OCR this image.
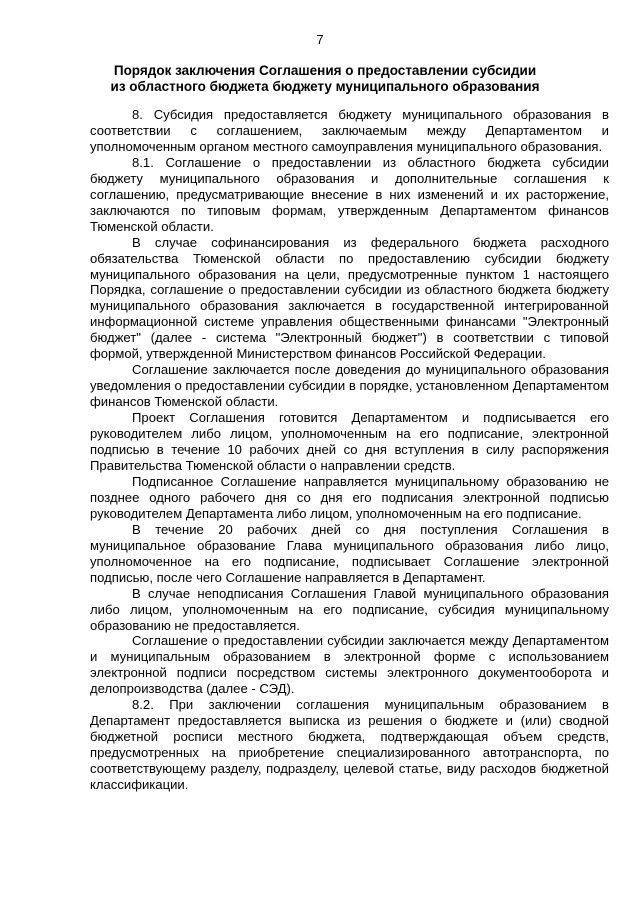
7
Порядок заключения Соглашения о предоставлении субсидии
из областного бюджета бюджету муниципального образования

8. Субсидия предоставляется бюджету муниципального образования в соответствии с соглашением, заключаемым между Департаментом и уполномоченным органом местного самоуправления муниципального образования.

8.1. Соглашение о предоставлении из областного бюджета субсидии бюджету муниципального образования и дополнительные соглашения к соглашению, предусматривающие внесение в них изменений и их расторжение, заключаются по типовым формам, утвержденным Департаментом финансов Тюменской области.

В случае софинансирования из федерального бюджета расходного обязательства Тюменской области по предоставлению субсидии бюджету муниципального образования на цели, предусмотренные пунктом 1 настоящего Порядка, соглашение о предоставлении субсидии из областного бюджета бюджету муниципального образования заключается в государственной интегрированной информационной системе управления общественными финансами "Электронный бюджет" (далее - система "Электронный бюджет") в соответствии с типовой формой, утвержденной Министерством финансов Российской Федерации.

Соглашение заключается после доведения до муниципального образования уведомления о предоставлении субсидии в порядке, установленном Департаментом финансов Тюменской области.

Проект Соглашения готовится Департаментом и подписывается его руководителем либо лицом, уполномоченным на его подписание, электронной подписью в течение 10 рабочих дней со дня вступления в силу распоряжения Правительства Тюменской области о направлении средств.

Подписанное Соглашение направляется муниципальному образованию не позднее одного рабочего дня со дня его подписания электронной подписью руководителем Департамента либо лицом, уполномоченным на его подписание.

В течение 20 рабочих дней со дня поступления Соглашения в муниципальное образование Глава муниципального образования либо лицо, уполномоченное на его подписание, подписывает Соглашение электронной подписью, после чего Соглашение направляется в Департамент.

В случае неподписания Соглашения Главой муниципального образования либо лицом, уполномоченным на его подписание, субсидия муниципальному образованию не предоставляется.

Соглашение о предоставлении субсидии заключается между Департаментом и муниципальным образованием в электронной форме с использованием электронной подписи посредством системы электронного документооборота и делопроизводства (далее - СЭД).

8.2. При заключении соглашения муниципальным образованием в Департамент предоставляется выписка из решения о бюджете и (или) сводной бюджетной росписи местного бюджета, подтверждающая объем средств, предусмотренных на приобретение специализированного автотранспорта, по соответствующему разделу, подразделу, целевой статье, виду расходов бюджетной классификации.
